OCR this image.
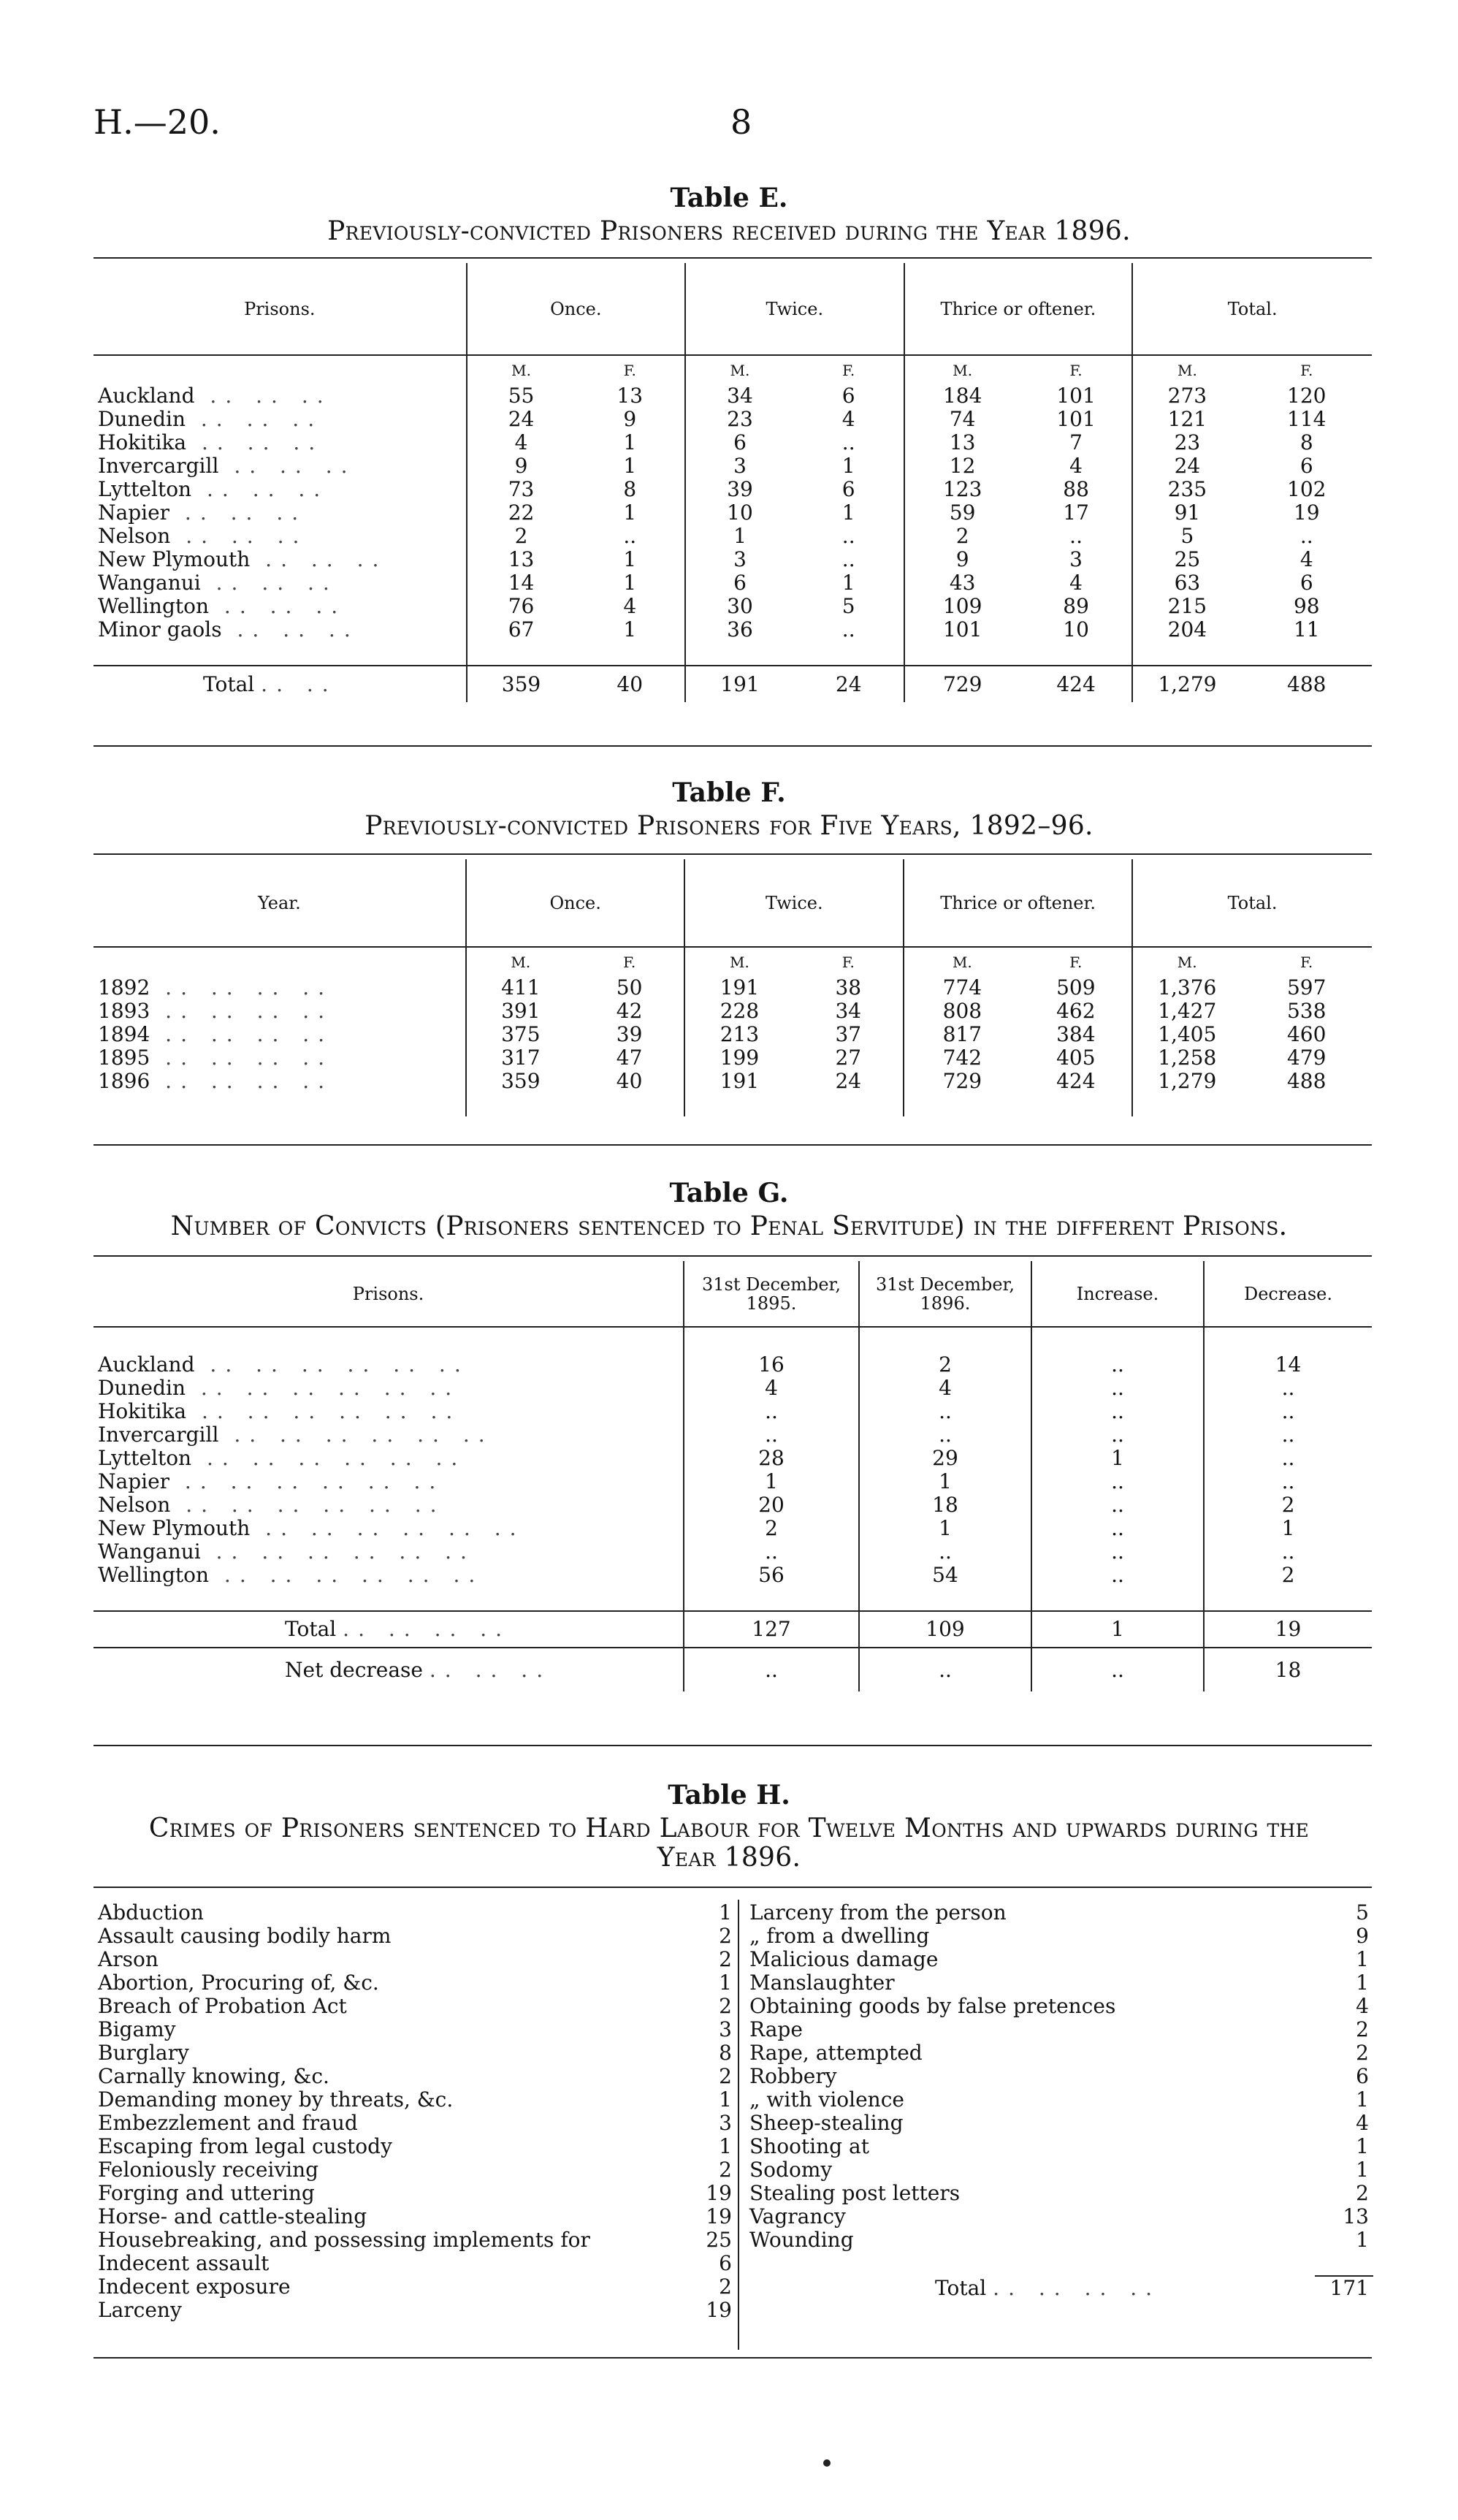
H.—20.	8
Table E.
Previously-convicted Prisoners received during the Year 1896.
Prisons.	Once.		Twice.		Thrice or oftener.		Total.	
	M.	F.	M.	F.	M.	F.	M.	F.
Auckland .. .. ..	55	13	34	6	184	101	273	120
Dunedin .. .. ..	24	9	23	4	74	101	121	114
Hokitika .. .. ..	4	1	6	..	13	7	23	8
Invercargill .. .. ..	9	1	3	1	12	4	24	6
Lyttelton .. .. ..	73	8	39	6	123	88	235	102
Napier .. .. ..	22	1	10	1	59	17	91	19
Nelson .. .. ..	2	..	1	..	2	..	5	..
New Plymouth .. .. ..	13	1	3	..	9	3	25	4
Wanganui .. .. ..	14	1	6	1	43	4	63	6
Wellington .. .. ..	76	4	30	5	109	89	215	98
Minor gaols .. .. ..	67	1	36	..	101	10	204	11

Total .. ..	359	40	191	24	729	424	1,279	488
Table F.
Previously-convicted Prisoners for Five Years, 1892–96.
Year.	Once.		Twice.		Thrice or oftener.		Total.	
	M.	F.	M.	F.	M.	F.	M.	F.
1892 .. .. .. ..	411	50	191	38	774	509	1,376	597
1893 .. .. .. ..	391	42	228	34	808	462	1,427	538
1894 .. .. .. ..	375	39	213	37	817	384	1,405	460
1895 .. .. .. ..	317	47	199	27	742	405	1,258	479
1896 .. .. .. ..	359	40	191	24	729	424	1,279	488

Table G.
Number of Convicts (Prisoners sentenced to Penal Servitude) in the different Prisons.
Prisons.	31st December, 1895.	31st December, 1896.	Increase.	Decrease.

Auckland .. .. .. .. .. ..	16	2	..	14
Dunedin .. .. .. .. .. ..	4	4	..	..
Hokitika .. .. .. .. .. ..	..	..	..	..
Invercargill .. .. .. .. .. ..	..	..	..	..
Lyttelton .. .. .. .. .. ..	28	29	1	..
Napier .. .. .. .. .. ..	1	1	..	..
Nelson .. .. .. .. .. ..	20	18	..	2
New Plymouth .. .. .. .. .. ..	2	1	..	1
Wanganui .. .. .. .. .. ..	..	..	..	..
Wellington .. .. .. .. .. ..	56	54	..	2

Total .. .. .. ..	127	109	1	19
Net decrease .. .. ..	..	..	..	18
Table H.
Crimes of Prisoners sentenced to Hard Labour for Twelve Months and upwards during the
Year 1896.
Abduction	1
Assault causing bodily harm	2
Arson	2
Abortion, Procuring of, &c.	1
Breach of Probation Act	2
Bigamy	3
Burglary	8
Carnally knowing, &c.	2
Demanding money by threats, &c.	1
Embezzlement and fraud	3
Escaping from legal custody	1
Feloniously receiving	2
Forging and uttering	19
Horse- and cattle-stealing	19
Housebreaking, and possessing implements for	25
Indecent assault	6
Indecent exposure	2
Larceny	19
Larceny from the person	5
„ from a dwelling	9
Malicious damage	1
Manslaughter	1
Obtaining goods by false pretences	4
Rape	2
Rape, attempted	2
Robbery	6
„ with violence	1
Sheep-stealing	4
Shooting at	1
Sodomy	1
Stealing post letters	2
Vagrancy	13
Wounding	1

Total .. .. .. ..	171
